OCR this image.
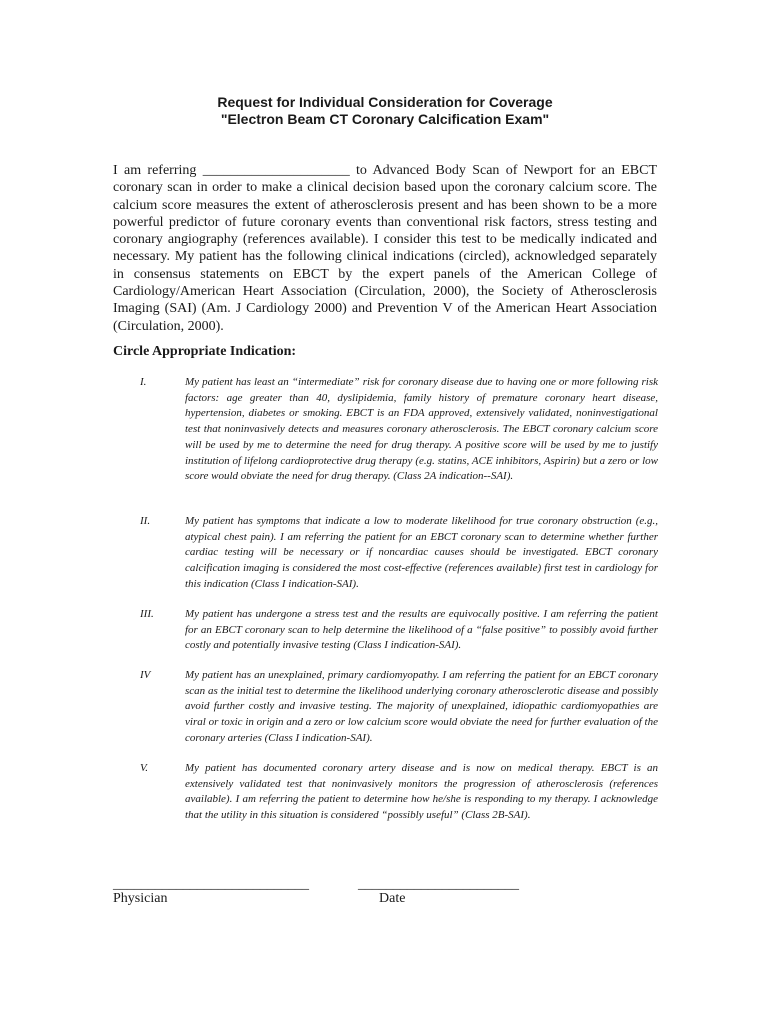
Request for Individual Consideration for Coverage
"Electron Beam CT Coronary Calcification Exam"
I am referring _____________________ to Advanced Body Scan of Newport for an EBCT coronary scan in order to make a clinical decision based upon the coronary calcium score. The calcium score measures the extent of atherosclerosis present and has been shown to be a more powerful predictor of future coronary events than conventional risk factors, stress testing and coronary angiography (references available). I consider this test to be medically indicated and necessary. My patient has the following clinical indications (circled), acknowledged separately in consensus statements on EBCT by the expert panels of the American College of Cardiology/American Heart Association (Circulation, 2000), the Society of Atherosclerosis Imaging (SAI) (Am. J Cardiology 2000) and Prevention V of the American Heart Association (Circulation, 2000).
Circle Appropriate Indication:
I.	My patient has least an “intermediate” risk for coronary disease due to having one or more following risk factors: age greater than 40, dyslipidemia, family history of premature coronary heart disease, hypertension, diabetes or smoking. EBCT is an FDA approved, extensively validated, noninvestigational test that noninvasively detects and measures coronary atherosclerosis. The EBCT coronary calcium score will be used by me to determine the need for drug therapy. A positive score will be used by me to justify institution of lifelong cardioprotective drug therapy (e.g. statins, ACE inhibitors, Aspirin) but a zero or low score would obviate the need for drug therapy. (Class 2A indication--SAI).
II.	My patient has symptoms that indicate a low to moderate likelihood for true coronary obstruction (e.g., atypical chest pain). I am referring the patient for an EBCT coronary scan to determine whether further cardiac testing will be necessary or if noncardiac causes should be investigated. EBCT coronary calcification imaging is considered the most cost-effective (references available) first test in cardiology for this indication (Class I indication-SAI).
III.	My patient has undergone a stress test and the results are equivocally positive. I am referring the patient for an EBCT coronary scan to help determine the likelihood of a “false positive” to possibly avoid further costly and potentially invasive testing (Class I indication-SAI).
IV	My patient has an unexplained, primary cardiomyopathy. I am referring the patient for an EBCT coronary scan as the initial test to determine the likelihood underlying coronary atherosclerotic disease and possibly avoid further costly and invasive testing. The majority of unexplained, idiopathic cardiomyopathies are viral or toxic in origin and a zero or low calcium score would obviate the need for further evaluation of the coronary arteries (Class I indication-SAI).
V.	My patient has documented coronary artery disease and is now on medical therapy. EBCT is an extensively validated test that noninvasively monitors the progression of atherosclerosis (references available). I am referring the patient to determine how he/she is responding to my therapy. I acknowledge that the utility in this situation is considered “possibly useful” (Class 2B-SAI).
____________________________
Physician
_______________________
Date
